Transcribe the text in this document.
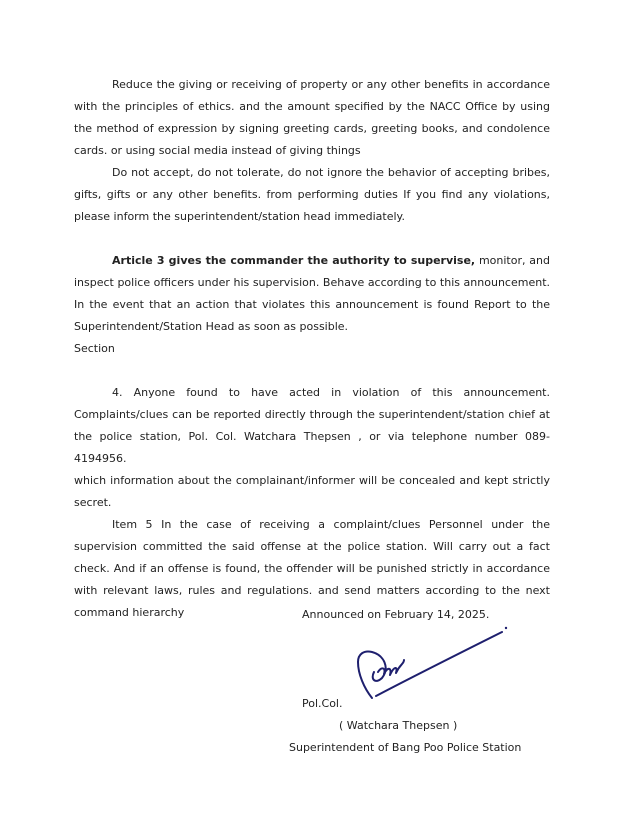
Reduce the giving or receiving of property or any other benefits in accordance with the principles of ethics. and the amount specified by the NACC Office by using the method of expression by signing greeting cards, greeting books, and condolence cards. or using social media instead of giving things

Do not accept, do not tolerate, do not ignore the behavior of accepting bribes, gifts, gifts or any other benefits. from performing duties If you find any violations, please inform the superintendent/station head immediately.

Article 3 gives the commander the authority to supervise, monitor, and inspect police officers under his supervision. Behave according to this announcement. In the event that an action that violates this announcement is found Report to the Superintendent/Station Head as soon as possible.

Section

4. Anyone found to have acted in violation of this announcement. Complaints/clues can be reported directly through the superintendent/station chief at the police station, Pol. Col. Watchara Thepsen , or via telephone number 089-4194956.

which information about the complainant/informer will be concealed and kept strictly secret.

Item 5 In the case of receiving a complaint/clues Personnel under the supervision committed the said offense at the police station. Will carry out a fact check. And if an offense is found, the offender will be punished strictly in accordance with relevant laws, rules and regulations. and send matters according to the next command hierarchy	Announced on February 14, 2025.
Pol.Col.
( Watchara Thepsen )
Superintendent of Bang Poo Police Station
